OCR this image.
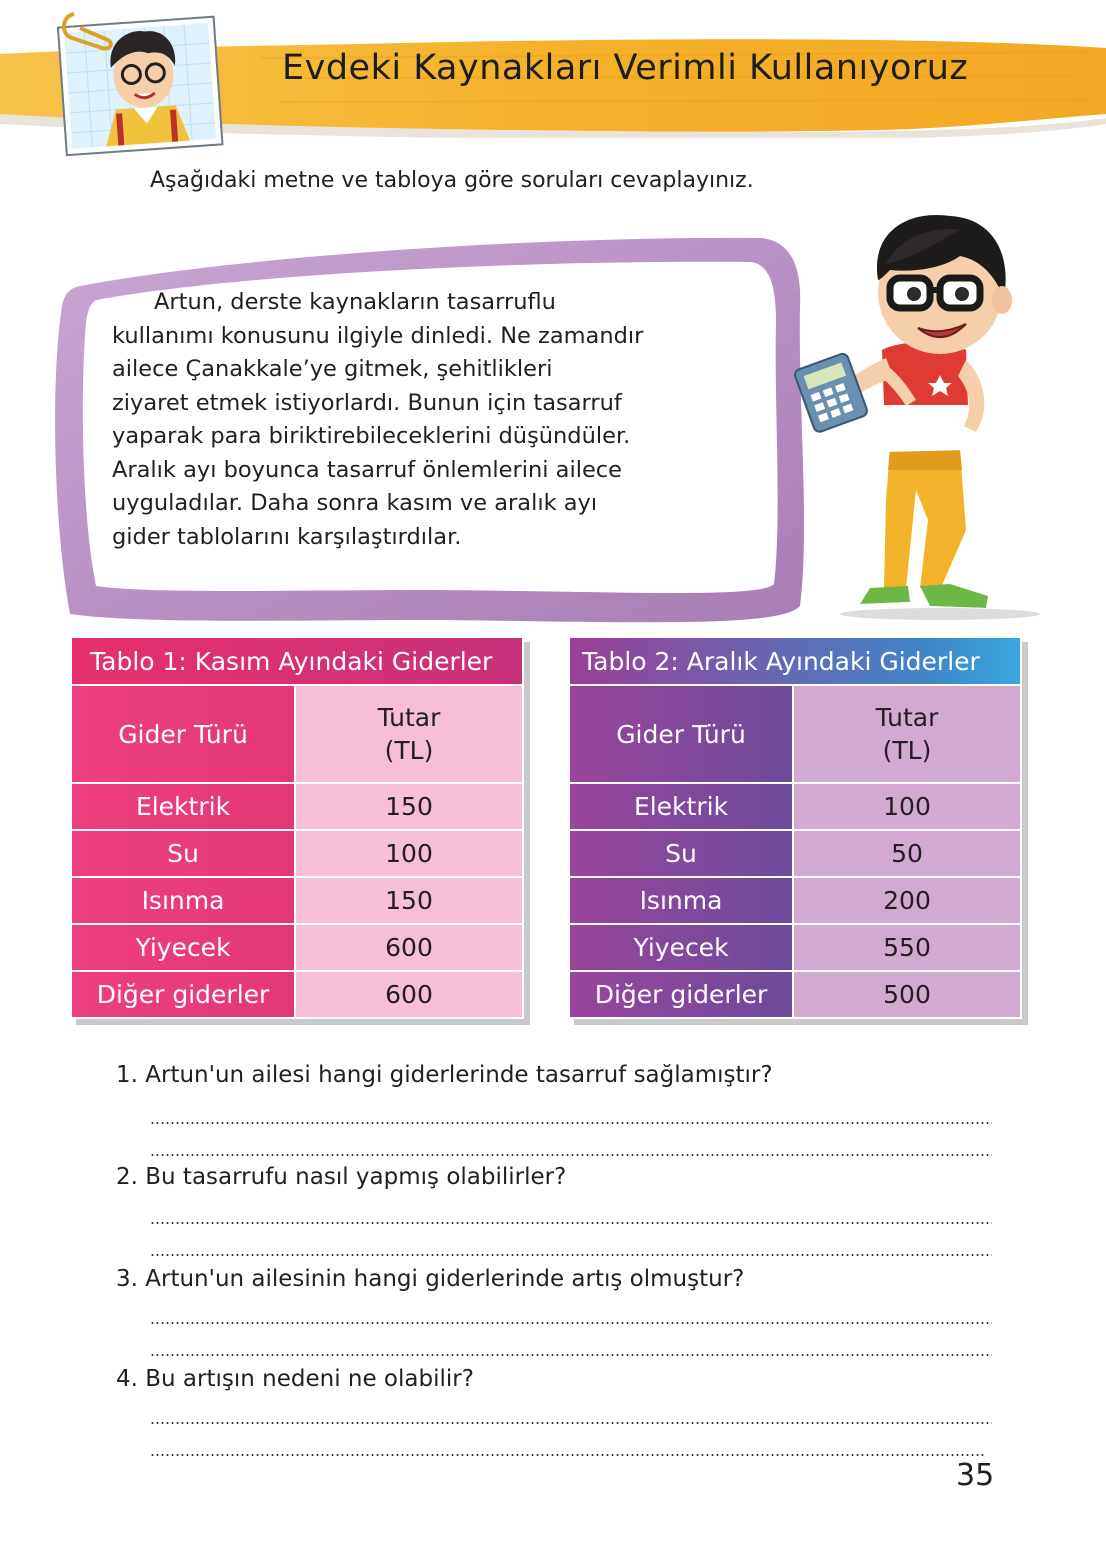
Evdeki Kaynakları Verimli Kullanıyoruz
Aşağıdaki metne ve tabloya göre soruları cevaplayınız.
Artun, derste kaynakların tasarruflu
kullanımı konusunu ilgiyle dinledi. Ne zamandır
ailece Çanakkale’ye gitmek, şehitlikleri
ziyaret etmek istiyorlardı. Bunun için tasarruf
yaparak para biriktirebileceklerini düşündüler.
Aralık ayı boyunca tasarruf önlemlerini ailece
uyguladılar. Daha sonra kasım ve aralık ayı
gider tablolarını karşılaştırdılar.
Tablo 1: Kasım Ayındaki Giderler	
Gider Türü	Tutar
(TL)
Elektrik	150
Su	100
Isınma	150
Yiyecek	600
Diğer giderler	600
Tablo 2: Aralık Ayındaki Giderler	
Gider Türü	Tutar
(TL)
Elektrik	100
Su	50
Isınma	200
Yiyecek	550
Diğer giderler	500
1. Artun'un ailesi hangi giderlerinde tasarruf sağlamıştır?
2. Bu tasarrufu nasıl yapmış olabilirler?
3. Artun'un ailesinin hangi giderlerinde artış olmuştur?
4. Bu artışın nedeni ne olabilir?
35
